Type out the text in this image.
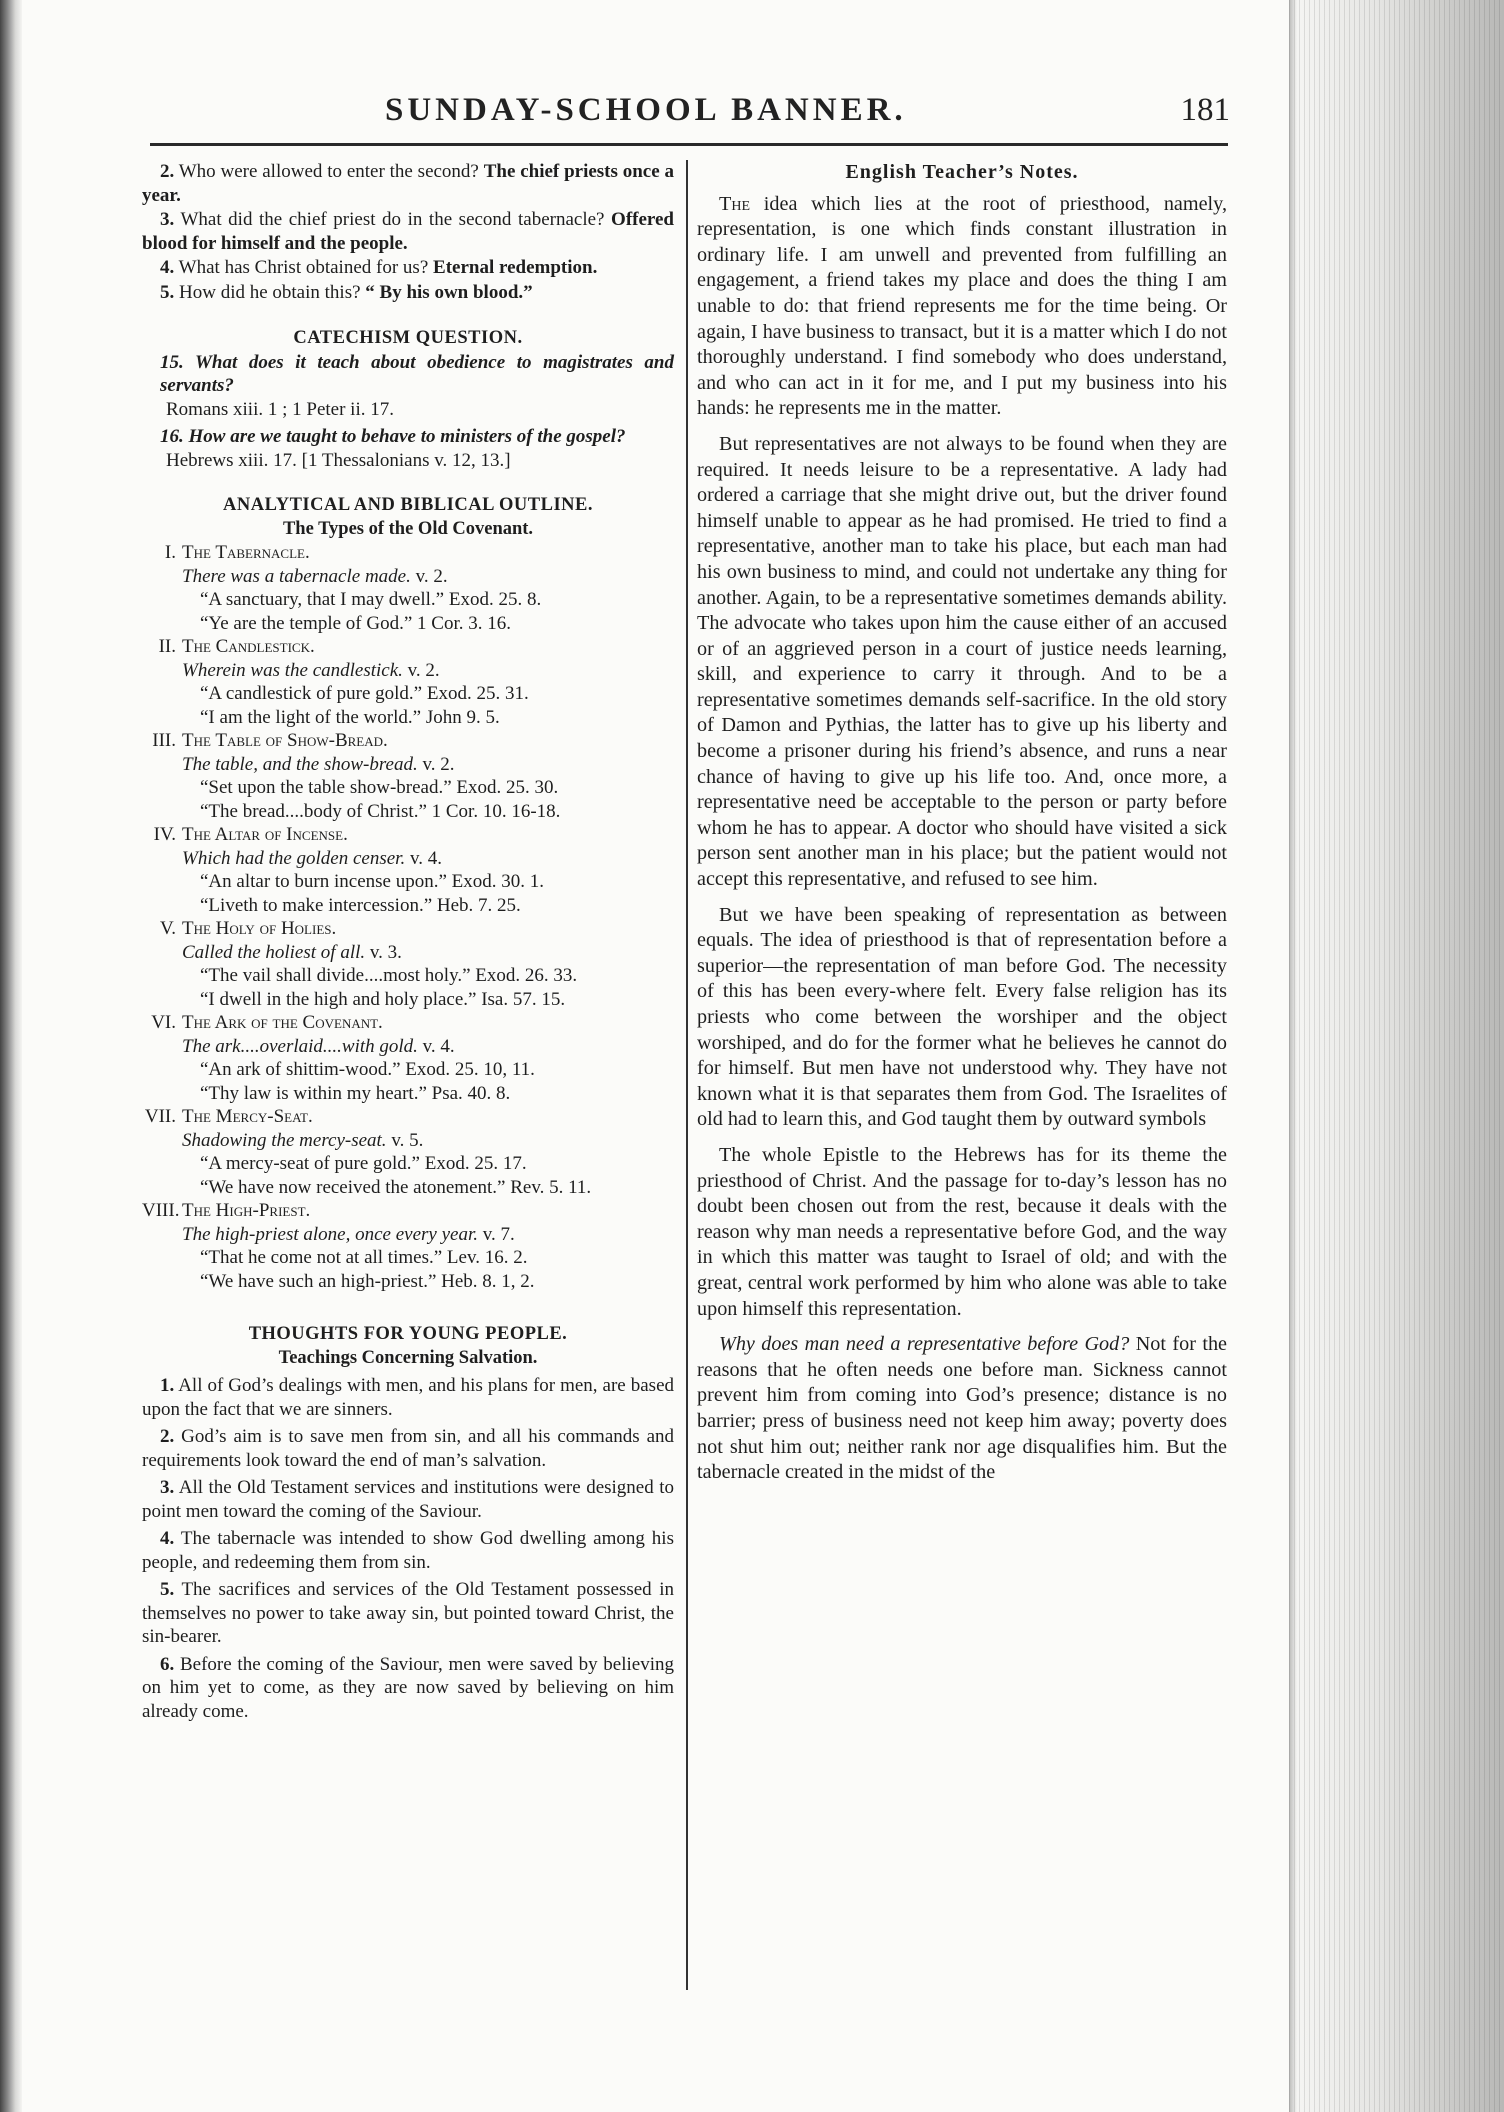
SUNDAY-SCHOOL BANNER.	181

2. Who were allowed to enter the second? The chief priests once a year.

3. What did the chief priest do in the second tabernacle? Offered blood for himself and the people.

4. What has Christ obtained for us? Eternal redemption.

5. How did he obtain this? “ By his own blood.”

CATECHISM QUESTION.

15. What does it teach about obedience to magistrates and servants?

Romans xiii. 1 ; 1 Peter ii. 17.

16. How are we taught to behave to ministers of the gospel?

Hebrews xiii. 17. [1 Thessalonians v. 12, 13.]

ANALYTICAL AND BIBLICAL OUTLINE.
The Types of the Old Covenant.
I. The Tabernacle.
There was a tabernacle made. v. 2.
“A sanctuary, that I may dwell.” Exod. 25. 8.
“Ye are the temple of God.” 1 Cor. 3. 16.
II. The Candlestick.
Wherein was the candlestick. v. 2.
“A candlestick of pure gold.” Exod. 25. 31.
“I am the light of the world.” John 9. 5.
III. The Table of Show-Bread.
The table, and the show-bread. v. 2.
“Set upon the table show-bread.” Exod. 25. 30.
“The bread....body of Christ.” 1 Cor. 10. 16-18.
IV. The Altar of Incense.
Which had the golden censer. v. 4.
“An altar to burn incense upon.” Exod. 30. 1.
“Liveth to make intercession.” Heb. 7. 25.
V. The Holy of Holies.
Called the holiest of all. v. 3.
“The vail shall divide....most holy.” Exod. 26. 33.
“I dwell in the high and holy place.” Isa. 57. 15.
VI. The Ark of the Covenant.
The ark....overlaid....with gold. v. 4.
“An ark of shittim-wood.” Exod. 25. 10, 11.
“Thy law is within my heart.” Psa. 40. 8.
VII. The Mercy-Seat.
Shadowing the mercy-seat. v. 5.
“A mercy-seat of pure gold.” Exod. 25. 17.
“We have now received the atonement.” Rev. 5. 11.
VIII. The High-Priest.
The high-priest alone, once every year. v. 7.
“That he come not at all times.” Lev. 16. 2.
“We have such an high-priest.” Heb. 8. 1, 2.
THOUGHTS FOR YOUNG PEOPLE.
Teachings Concerning Salvation.

1. All of God’s dealings with men, and his plans for men, are based upon the fact that we are sinners.

2. God’s aim is to save men from sin, and all his commands and requirements look toward the end of man’s salvation.

3. All the Old Testament services and institutions were designed to point men toward the coming of the Saviour.

4. The tabernacle was intended to show God dwelling among his people, and redeeming them from sin.

5. The sacrifices and services of the Old Testament possessed in themselves no power to take away sin, but pointed toward Christ, the sin-bearer.

6. Before the coming of the Saviour, men were saved by believing on him yet to come, as they are now saved by believing on him already come.

English Teacher’s Notes.

The idea which lies at the root of priesthood, namely, representation, is one which finds constant illustration in ordinary life. I am unwell and prevented from fulfilling an engagement, a friend takes my place and does the thing I am unable to do: that friend represents me for the time being. Or again, I have business to transact, but it is a matter which I do not thoroughly understand. I find somebody who does understand, and who can act in it for me, and I put my business into his hands: he represents me in the matter.

But representatives are not always to be found when they are required. It needs leisure to be a representative. A lady had ordered a carriage that she might drive out, but the driver found himself unable to appear as he had promised. He tried to find a representative, another man to take his place, but each man had his own business to mind, and could not undertake any thing for another. Again, to be a representative sometimes demands ability. The advocate who takes upon him the cause either of an accused or of an aggrieved person in a court of justice needs learning, skill, and experience to carry it through. And to be a representative sometimes demands self-sacrifice. In the old story of Damon and Pythias, the latter has to give up his liberty and become a prisoner during his friend’s absence, and runs a near chance of having to give up his life too. And, once more, a representative need be acceptable to the person or party before whom he has to appear. A doctor who should have visited a sick person sent another man in his place; but the patient would not accept this representative, and refused to see him.

But we have been speaking of representation as between equals. The idea of priesthood is that of representation before a superior—the representation of man before God. The necessity of this has been every-where felt. Every false religion has its priests who come between the worshiper and the object worshiped, and do for the former what he believes he cannot do for himself. But men have not understood why. They have not known what it is that separates them from God. The Israelites of old had to learn this, and God taught them by outward symbols

The whole Epistle to the Hebrews has for its theme the priesthood of Christ. And the passage for to-day’s lesson has no doubt been chosen out from the rest, because it deals with the reason why man needs a representative before God, and the way in which this matter was taught to Israel of old; and with the great, central work performed by him who alone was able to take upon himself this representation.

Why does man need a representative before God? Not for the reasons that he often needs one before man. Sickness cannot prevent him from coming into God’s presence; distance is no barrier; press of business need not keep him away; poverty does not shut him out; neither rank nor age disqualifies him. But the tabernacle created in the midst of the
